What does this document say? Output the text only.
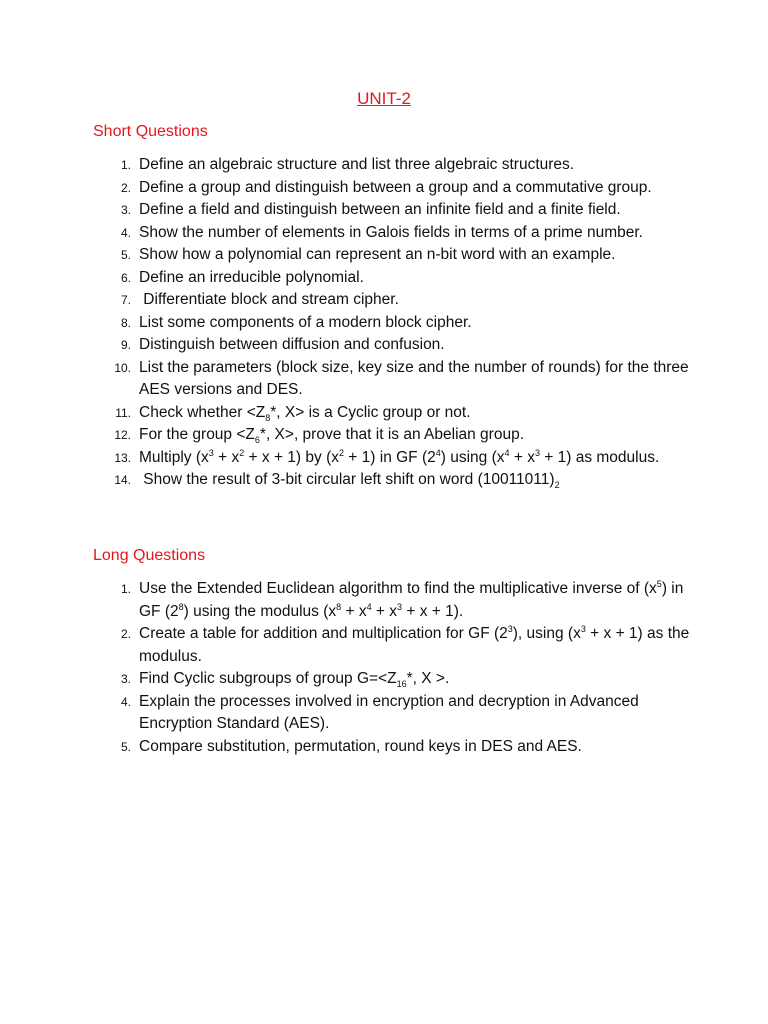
UNIT-2
Short Questions
1. Define an algebraic structure and list three algebraic structures.
2. Define a group and distinguish between a group and a commutative group.
3. Define a field and distinguish between an infinite field and a finite field.
4. Show the number of elements in Galois fields in terms of a prime number.
5. Show how a polynomial can represent an n-bit word with an example.
6. Define an irreducible polynomial.
7. Differentiate block and stream cipher.
8. List some components of a modern block cipher.
9. Distinguish between diffusion and confusion.
10. List the parameters (block size, key size and the number of rounds) for the three AES versions and DES.
11. Check whether $<Z_8*$, X> is a Cyclic group or not.
12. For the group $<Z_6*$, X>, prove that it is an Abelian group.
13. Multiply $(x^3 + x^2 + x + 1)$ by $(x^2 + 1)$ in GF $(2^4)$ using $(x^4 + x^3 + 1)$ as modulus.
14. Show the result of 3-bit circular left shift on word $(10011011)_2$
Long Questions
1. Use the Extended Euclidean algorithm to find the multiplicative inverse of $(x^5)$ in GF $(2^8)$ using the modulus $(x^8 + x^4 + x^3 + x + 1)$.
2. Create a table for addition and multiplication for GF $(2^3)$, using $(x^3 + x + 1)$ as the modulus.
3. Find Cyclic subgroups of group $G=<Z_{16}*$, X >.
4. Explain the processes involved in encryption and decryption in Advanced Encryption Standard (AES).
5. Compare substitution, permutation, round keys in DES and AES.
